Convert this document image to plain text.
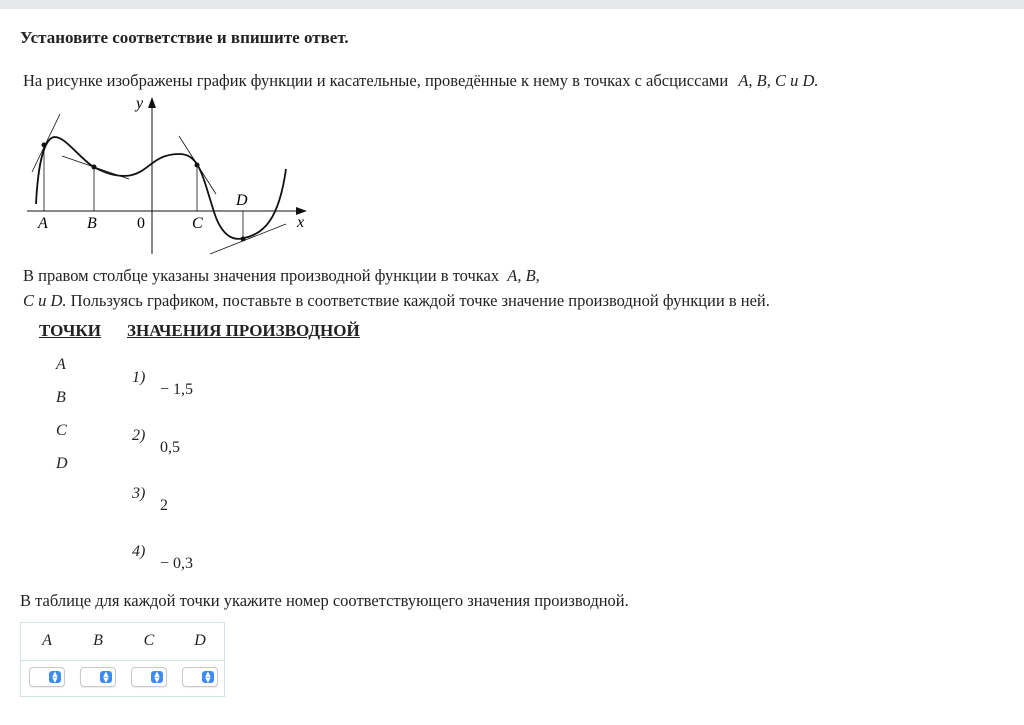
Установите соответствие и впишите ответ.
На рисунке изображены график функции и касательные, проведённые к нему в точках с абсциссами A, B, C и D.
y
x
0
A B	C
D
В правом столбце указаны значения производной функции в точках A, B,
C и D. Пользуясь графиком, поставьте в соответствие каждой точке значение производной функции в ней.
ТОЧКИ ЗНАЧЕНИЯ ПРОИЗВОДНОЙ
A
B
C
D
1)
− 1,5
2)
0,5
3)
2
4)
− 0,3
В таблице для каждой точки укажите номер соответствующего значения производной.
A	B	C	D
▲
▼
▲
▼
▲
▼
▲
▼
